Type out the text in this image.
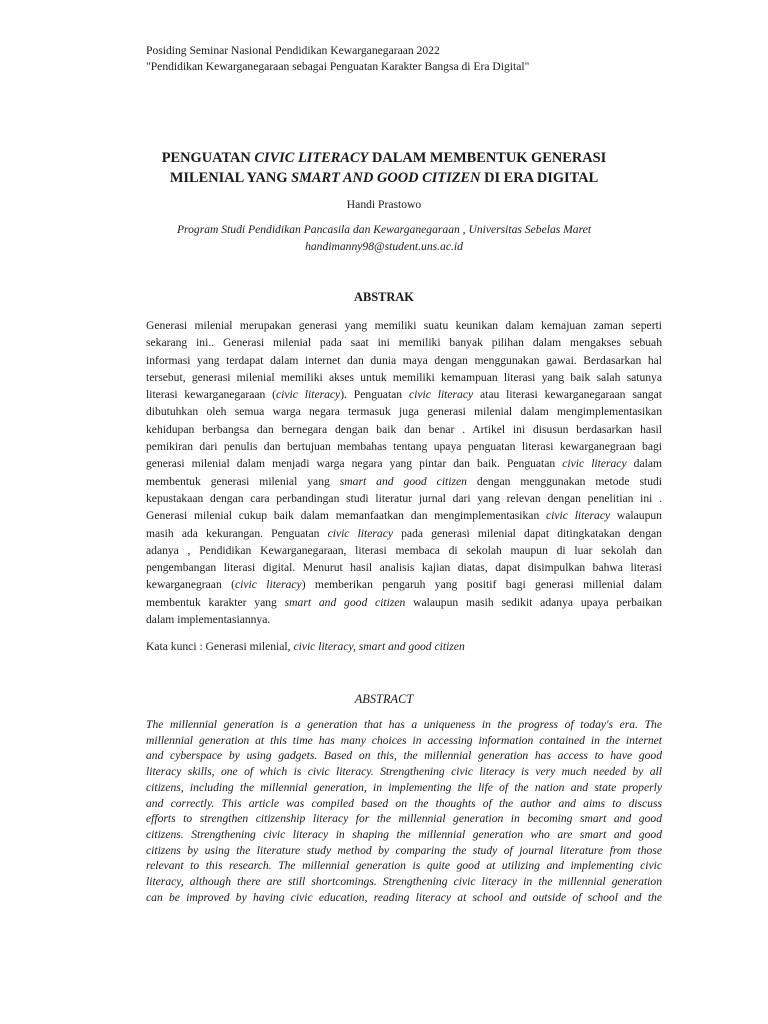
Posiding Seminar Nasional Pendidikan Kewarganegaraan 2022
"Pendidikan Kewarganegaraan sebagai Penguatan Karakter Bangsa di Era Digital"
PENGUATAN CIVIC LITERACY DALAM MEMBENTUK GENERASI
MILENIAL YANG SMART AND GOOD CITIZEN DI ERA DIGITAL
Handi Prastowo
Program Studi Pendidikan Pancasila dan Kewarganegaraan , Universitas Sebelas Maret
handimanny98@student.uns.ac.id
ABSTRAK
Generasi milenial merupakan generasi yang memiliki suatu keunikan dalam kemajuan zaman seperti
sekarang ini.. Generasi milenial pada saat ini memiliki banyak pilihan dalam mengakses sebuah
informasi yang terdapat dalam internet dan dunia maya dengan menggunakan gawai. Berdasarkan hal
tersebut, generasi milenial memiliki akses untuk memiliki kemampuan literasi yang baik salah satunya
literasi kewarganegaraan (civic literacy). Penguatan civic literacy atau literasi kewarganegaraan sangat
dibutuhkan oleh semua warga negara termasuk juga generasi milenial dalam mengimplementasikan
kehidupan berbangsa dan bernegara dengan baik dan benar . Artikel ini disusun berdasarkan hasil
pemikiran dari penulis dan bertujuan membahas tentang upaya penguatan literasi kewarganegraan bagi
generasi milenial dalam menjadi warga negara yang pintar dan baik. Penguatan civic literacy dalam
membentuk generasi milenial yang smart and good citizen dengan menggunakan metode studi
kepustakaan dengan cara perbandingan studi literatur jurnal dari yang relevan dengan penelitian ini .
Generasi milenial cukup baik dalam memanfaatkan dan mengimplementasikan civic literacy walaupun
masih ada kekurangan. Penguatan civic literacy pada generasi milenial dapat ditingkatakan dengan
adanya , Pendidikan Kewarganegaraan, literasi membaca di sekolah maupun di luar sekolah dan
pengembangan literasi digital. Menurut hasil analisis kajian diatas, dapat disimpulkan bahwa literasi
kewarganegraan (civic literacy) memberikan pengaruh yang positif bagi generasi millenial dalam
membentuk karakter yang smart and good citizen walaupun masih sedikit adanya upaya perbaikan
dalam implementasiannya.
Kata kunci : Generasi milenial, civic literacy, smart and good citizen
ABSTRACT
The millennial generation is a generation that has a uniqueness in the progress of today's era. The
millennial generation at this time has many choices in accessing information contained in the internet
and cyberspace by using gadgets. Based on this, the millennial generation has access to have good
literacy skills, one of which is civic literacy. Strengthening civic literacy is very much needed by all
citizens, including the millennial generation, in implementing the life of the nation and state properly
and correctly. This article was compiled based on the thoughts of the author and aims to discuss
efforts to strengthen citizenship literacy for the millennial generation in becoming smart and good
citizens. Strengthening civic literacy in shaping the millennial generation who are smart and good
citizens by using the literature study method by comparing the study of journal literature from those
relevant to this research. The millennial generation is quite good at utilizing and implementing civic
literacy, although there are still shortcomings. Strengthening civic literacy in the millennial generation
can be improved by having civic education, reading literacy at school and outside of school and the
